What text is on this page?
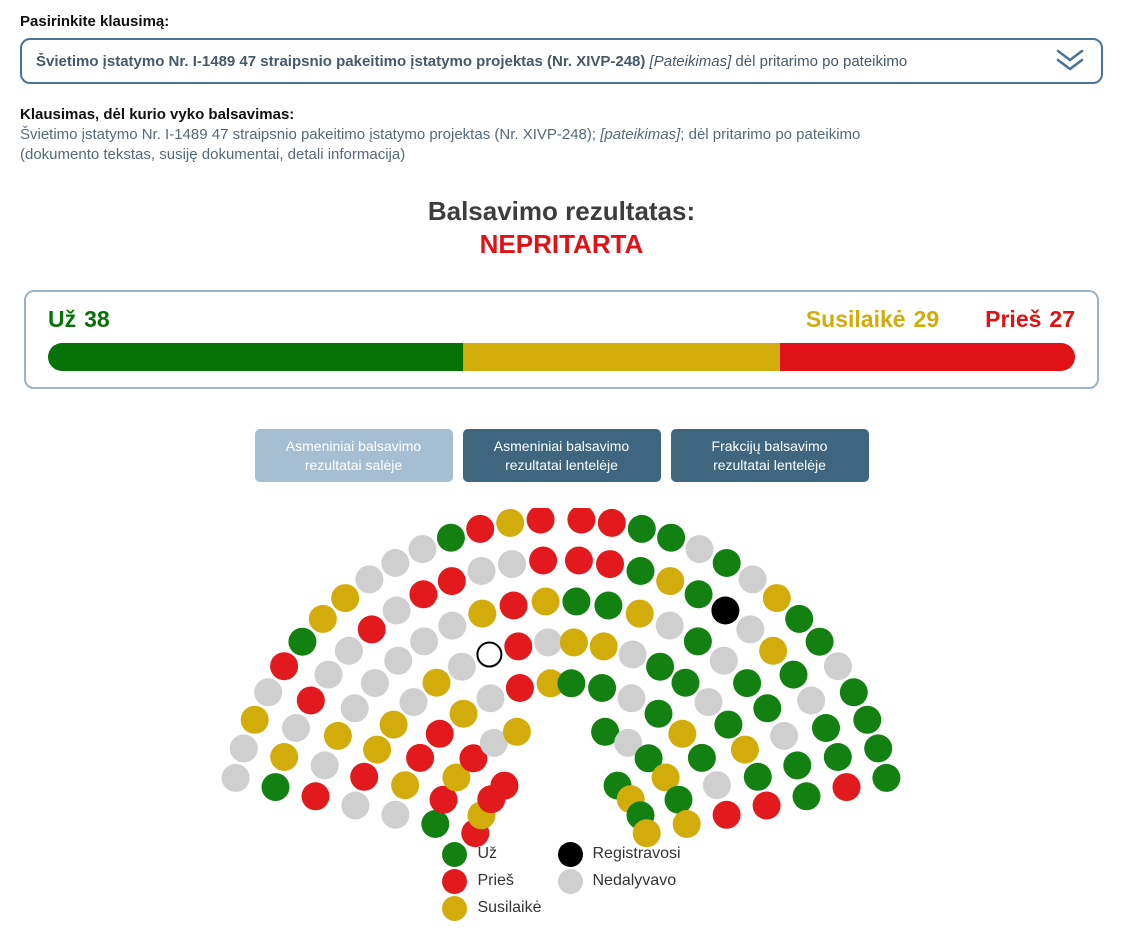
Pasirinkite klausimą:
Švietimo įstatymo Nr. I-1489 47 straipsnio pakeitimo įstatymo projektas (Nr. XIVP-248) [Pateikimas] dėl pritarimo po pateikimo
Klausimas, dėl kurio vyko balsavimas:
Švietimo įstatymo Nr. I-1489 47 straipsnio pakeitimo įstatymo projektas (Nr. XIVP-248); [pateikimas]; dėl pritarimo po pateikimo
(dokumento tekstas, susiję dokumentai, detali informacija)
Balsavimo rezultatas:
NEPRITARTA
Už 38	Susilaikė 29 Prieš 27
Asmeniniai balsavimo
rezultatai salėje
Asmeniniai balsavimo
rezultatai lentelėje
Frakcijų balsavimo
rezultatai lentelėje
Už
Prieš
Susilaikė
Registravosi
Nedalyvavo
